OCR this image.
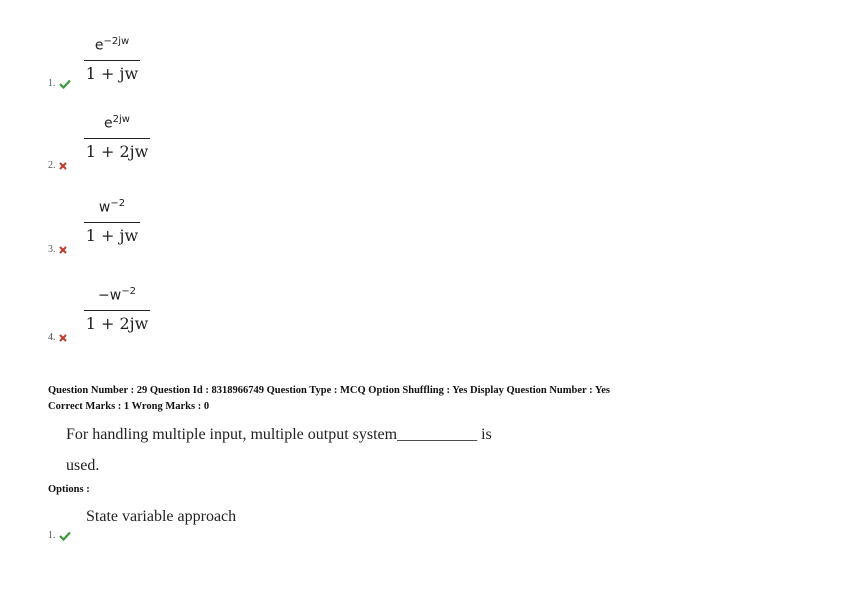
$e^{-2jw}$
1 + jw
1.
$e^{2jw}$
1 + 2jw
2.
$w^{-2}$
1 + jw
3.
$-w^{-2}$
1 + 2jw
4.
Question Number : 29 Question Id : 8318966749 Question Type : MCQ Option Shuffling : Yes Display Question Number : Yes
Correct Marks : 1 Wrong Marks : 0
For handling multiple input, multiple output system__________ is
used.
Options :
State variable approach
1.
